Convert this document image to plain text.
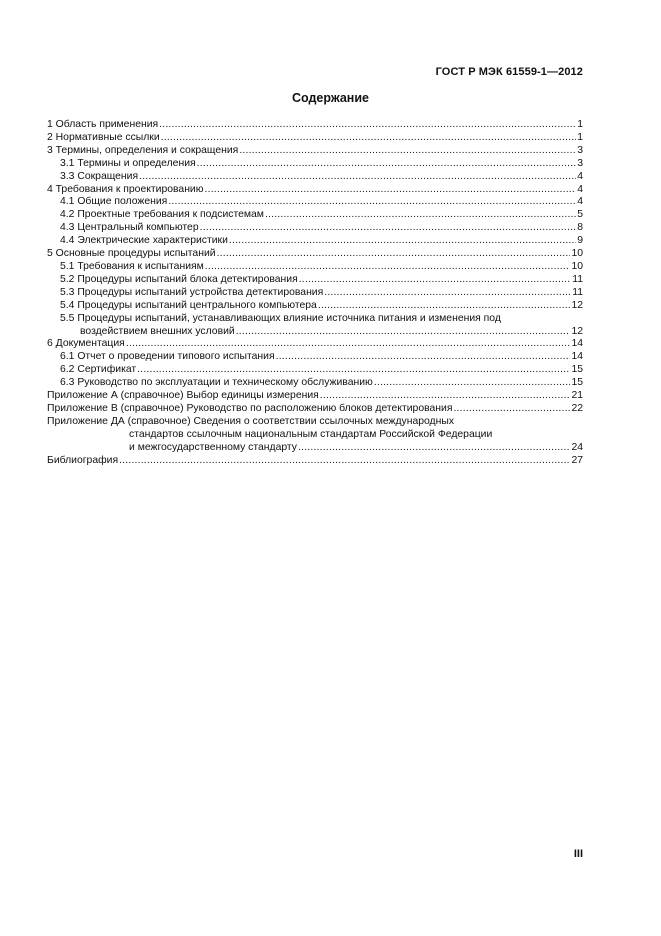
ГОСТ Р МЭК 61559-1—2012
Содержание
1 Область применения .....	1
2 Нормативные ссылки .....	1
3 Термины, определения и сокращения .....	3
3.1 Термины и определения .....	3
3.3 Сокращения .....	4
4 Требования к проектированию .....	4
4.1 Общие положения .....	4
4.2 Проектные требования к подсистемам .....	5
4.3 Центральный компьютер .....	8
4.4 Электрические характеристики .....	9
5 Основные процедуры испытаний .....	10
5.1 Требования к испытаниям .....	10
5.2 Процедуры испытаний блока детектирования .....	11
5.3 Процедуры испытаний устройства детектирования .....	11
5.4 Процедуры испытаний центрального компьютера .....	12
5.5 Процедуры испытаний, устанавливающих влияние источника питания и изменения под
воздействием внешних условий .....	12
6 Документация .....	14
6.1 Отчет о проведении типового испытания .....	14
6.2 Сертификат .....	15
6.3 Руководство по эксплуатации и техническому обслуживанию .....	15
Приложение А (справочное) Выбор единицы измерения .....	21
Приложение В (справочное) Руководство по расположению блоков детектирования .....	22
Приложение ДА (справочное) Сведения о соответствии ссылочных международных
стандартов ссылочным национальным стандартам Российской Федерации
и межгосударственному стандарту .....	24
Библиография .....	27
III
